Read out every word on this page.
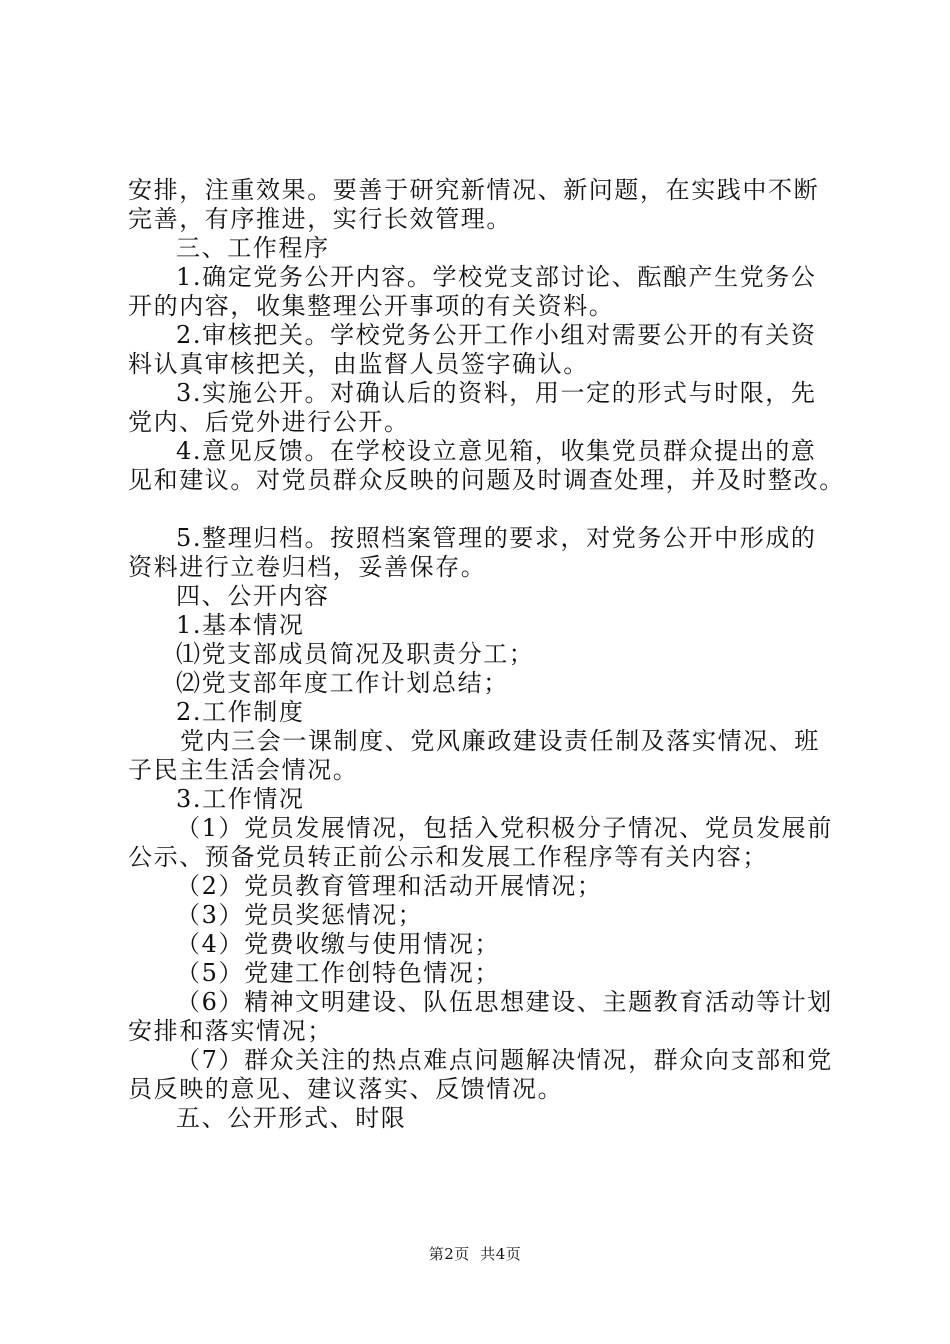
安排，注重效果。要善于研究新情况、新问题，在实践中不断

完善，有序推进，实行长效管理。

三、工作程序

1.确定党务公开内容。学校党支部讨论、酝酿产生党务公

开的内容，收集整理公开事项的有关资料。

2.审核把关。学校党务公开工作小组对需要公开的有关资

料认真审核把关，由监督人员签字确认。

3.实施公开。对确认后的资料，用一定的形式与时限，先

党内、后党外进行公开。

4.意见反馈。在学校设立意见箱，收集党员群众提出的意

见和建议。对党员群众反映的问题及时调查处理，并及时整改。

5.整理归档。按照档案管理的要求，对党务公开中形成的

资料进行立卷归档，妥善保存。

四、公开内容

1.基本情况

⑴党支部成员简况及职责分工；

⑵党支部年度工作计划总结；

2.工作制度

党内三会一课制度、党风廉政建设责任制及落实情况、班

子民主生活会情况。

3.工作情况

（1）党员发展情况，包括入党积极分子情况、党员发展前

公示、预备党员转正前公示和发展工作程序等有关内容；

（2）党员教育管理和活动开展情况；

（3）党员奖惩情况；

（4）党费收缴与使用情况；

（5）党建工作创特色情况；

（6）精神文明建设、队伍思想建设、主题教育活动等计划

安排和落实情况；

（7）群众关注的热点难点问题解决情况，群众向支部和党

员反映的意见、建议落实、反馈情况。

五、公开形式、时限

第2页  共4页
